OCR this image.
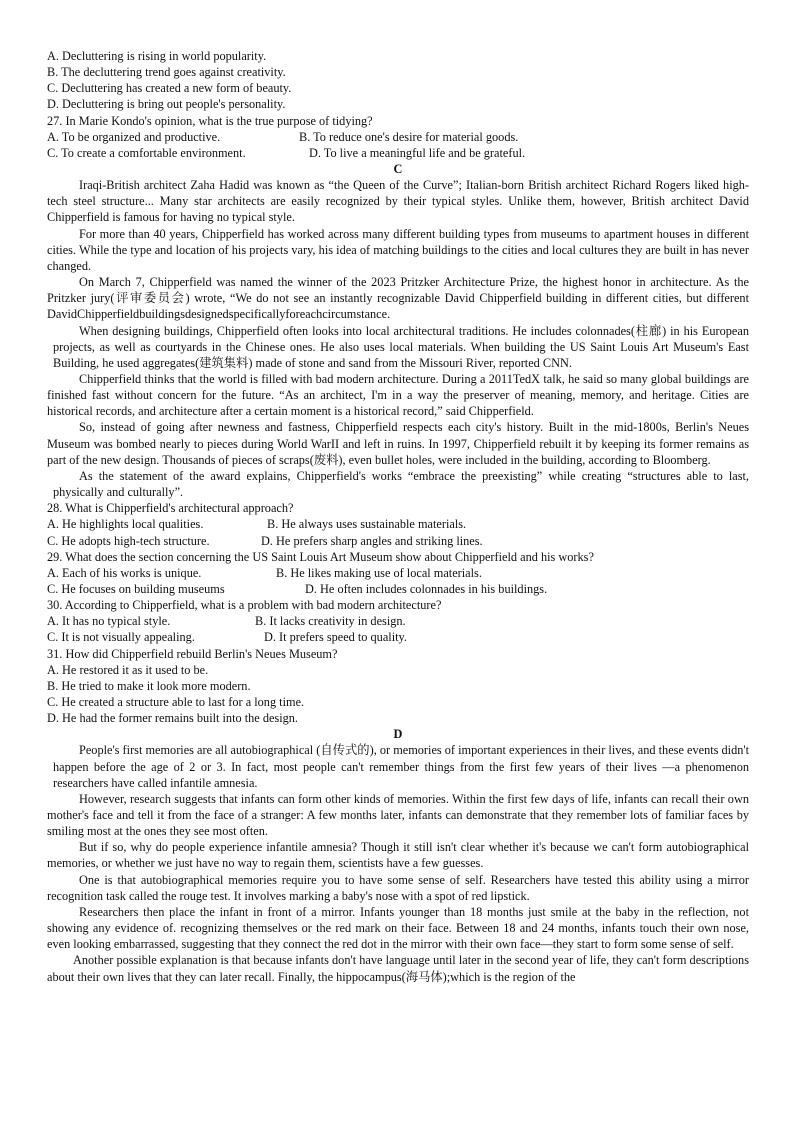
A. Decluttering is rising in world popularity.
B. The decluttering trend goes against creativity.
C. Decluttering has created a new form of beauty.
D. Decluttering is bring out people's personality.
27. In Marie Kondo's opinion, what is the true purpose of tidying?
A. To be organized and productive.	B. To reduce one's desire for material goods.
C. To create a comfortable environment.	D. To live a meaningful life and be grateful.
C

Iraqi-British architect Zaha Hadid was known as “the Queen of the Curve”; Italian-born British architect Richard Rogers liked high-tech steel structure... Many star architects are easily recognized by their typical styles. Unlike them, however, British architect David Chipperfield is famous for having no typical style.

For more than 40 years, Chipperfield has worked across many different building types from museums to apartment houses in different cities. While the type and location of his projects vary, his idea of matching buildings to the cities and local cultures they are built in has never changed.

On March 7, Chipperfield was named the winner of the 2023 Pritzker Architecture Prize, the highest honor in architecture. As the Pritzker jury(评审委员会) wrote, “We do not see an instantly recognizable David Chipperfield building in different cities, but different DavidChipperfieldbuildingsdesignedspecificallyforeachcircumstance.

When designing buildings, Chipperfield often looks into local architectural traditions. He includes colonnades(柱廊) in his European projects, as well as courtyards in the Chinese ones. He also uses local materials. When building the US Saint Louis Art Museum's East Building, he used aggregates(建筑集料) made of stone and sand from the Missouri River, reported CNN.

Chipperfield thinks that the world is filled with bad modern architecture. During a 2011TedX talk, he said so many global buildings are finished fast without concern for the future. “As an architect, I'm in a way the preserver of meaning, memory, and heritage. Cities are historical records, and architecture after a certain moment is a historical record,” said Chipperfield.

So, instead of going after newness and fastness, Chipperfield respects each city's history. Built in the mid-1800s, Berlin's Neues Museum was bombed nearly to pieces during World WarII and left in ruins. In 1997, Chipperfield rebuilt it by keeping its former remains as part of the new design. Thousands of pieces of scraps(废料), even bullet holes, were included in the building, according to Bloomberg.

As the statement of the award explains, Chipperfield's works “embrace the preexisting” while creating “structures able to last, physically and culturally”.

28. What is Chipperfield's architectural approach?
A. He highlights local qualities.	B. He always uses sustainable materials.
C. He adopts high-tech structure.	D. He prefers sharp angles and striking lines.
29. What does the section concerning the US Saint Louis Art Museum show about Chipperfield and his works?
A. Each of his works is unique.	B. He likes making use of local materials.
C. He focuses on building museums	D. He often includes colonnades in his buildings.
30. According to Chipperfield, what is a problem with bad modern architecture?
A. It has no typical style.	B. It lacks creativity in design.
C. It is not visually appealing.	D. It prefers speed to quality.
31. How did Chipperfield rebuild Berlin's Neues Museum?
A. He restored it as it used to be.
B. He tried to make it look more modern.
C. He created a structure able to last for a long time.
D. He had the former remains built into the design.
D

People's first memories are all autobiographical (自传式的), or memories of important experiences in their lives, and these events didn't happen before the age of 2 or 3. In fact, most people can't remember things from the first few years of their lives —a phenomenon researchers have called infantile amnesia.

However, research suggests that infants can form other kinds of memories. Within the first few days of life, infants can recall their own mother's face and tell it from the face of a stranger: A few months later, infants can demonstrate that they remember lots of familiar faces by smiling most at the ones they see most often.

But if so, why do people experience infantile amnesia? Though it still isn't clear whether it's because we can't form autobiographical memories, or whether we just have no way to regain them, scientists have a few guesses.

One is that autobiographical memories require you to have some sense of self. Researchers have tested this ability using a mirror recognition task called the rouge test. It involves marking a baby's nose with a spot of red lipstick.

Researchers then place the infant in front of a mirror. Infants younger than 18 months just smile at the baby in the reflection, not showing any evidence of. recognizing themselves or the red mark on their face. Between 18 and 24 months, infants touch their own nose, even looking embarrassed, suggesting that they connect the red dot in the mirror with their own face—they start to form some sense of self.

Another possible explanation is that because infants don't have language until later in the second year of life, they can't form descriptions about their own lives that they can later recall. Finally, the hippocampus(海马体);which is the region of the
